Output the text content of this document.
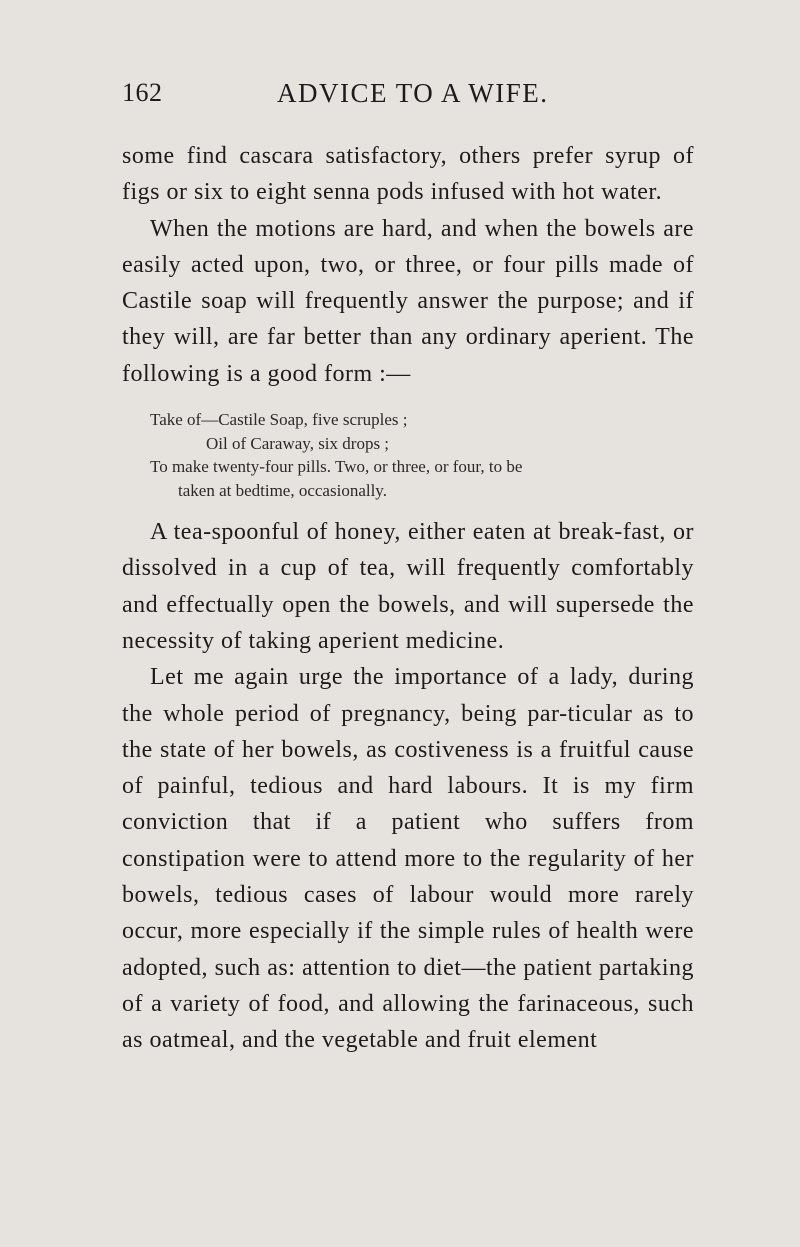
162	ADVICE TO A WIFE.

some find cascara satisfactory, others prefer syrup of figs or six to eight senna pods infused with hot water.

When the motions are hard, and when the bowels are easily acted upon, two, or three, or four pills made of Castile soap will frequently answer the purpose; and if they will, are far better than any ordinary aperient. The following is a good form :—

Take of—Castile Soap, five scruples ;

Oil of Caraway, six drops ;

To make twenty-four pills. Two, or three, or four, to be

taken at bedtime, occasionally.

A tea-spoonful of honey, either eaten at break-fast, or dissolved in a cup of tea, will frequently comfortably and effectually open the bowels, and will supersede the necessity of taking aperient medicine.

Let me again urge the importance of a lady, during the whole period of pregnancy, being par-ticular as to the state of her bowels, as costiveness is a fruitful cause of painful, tedious and hard labours. It is my firm conviction that if a patient who suffers from constipation were to attend more to the regularity of her bowels, tedious cases of labour would more rarely occur, more especially if the simple rules of health were adopted, such as: attention to diet—the patient partaking of a variety of food, and allowing the farinaceous, such as oatmeal, and the vegetable and fruit element
